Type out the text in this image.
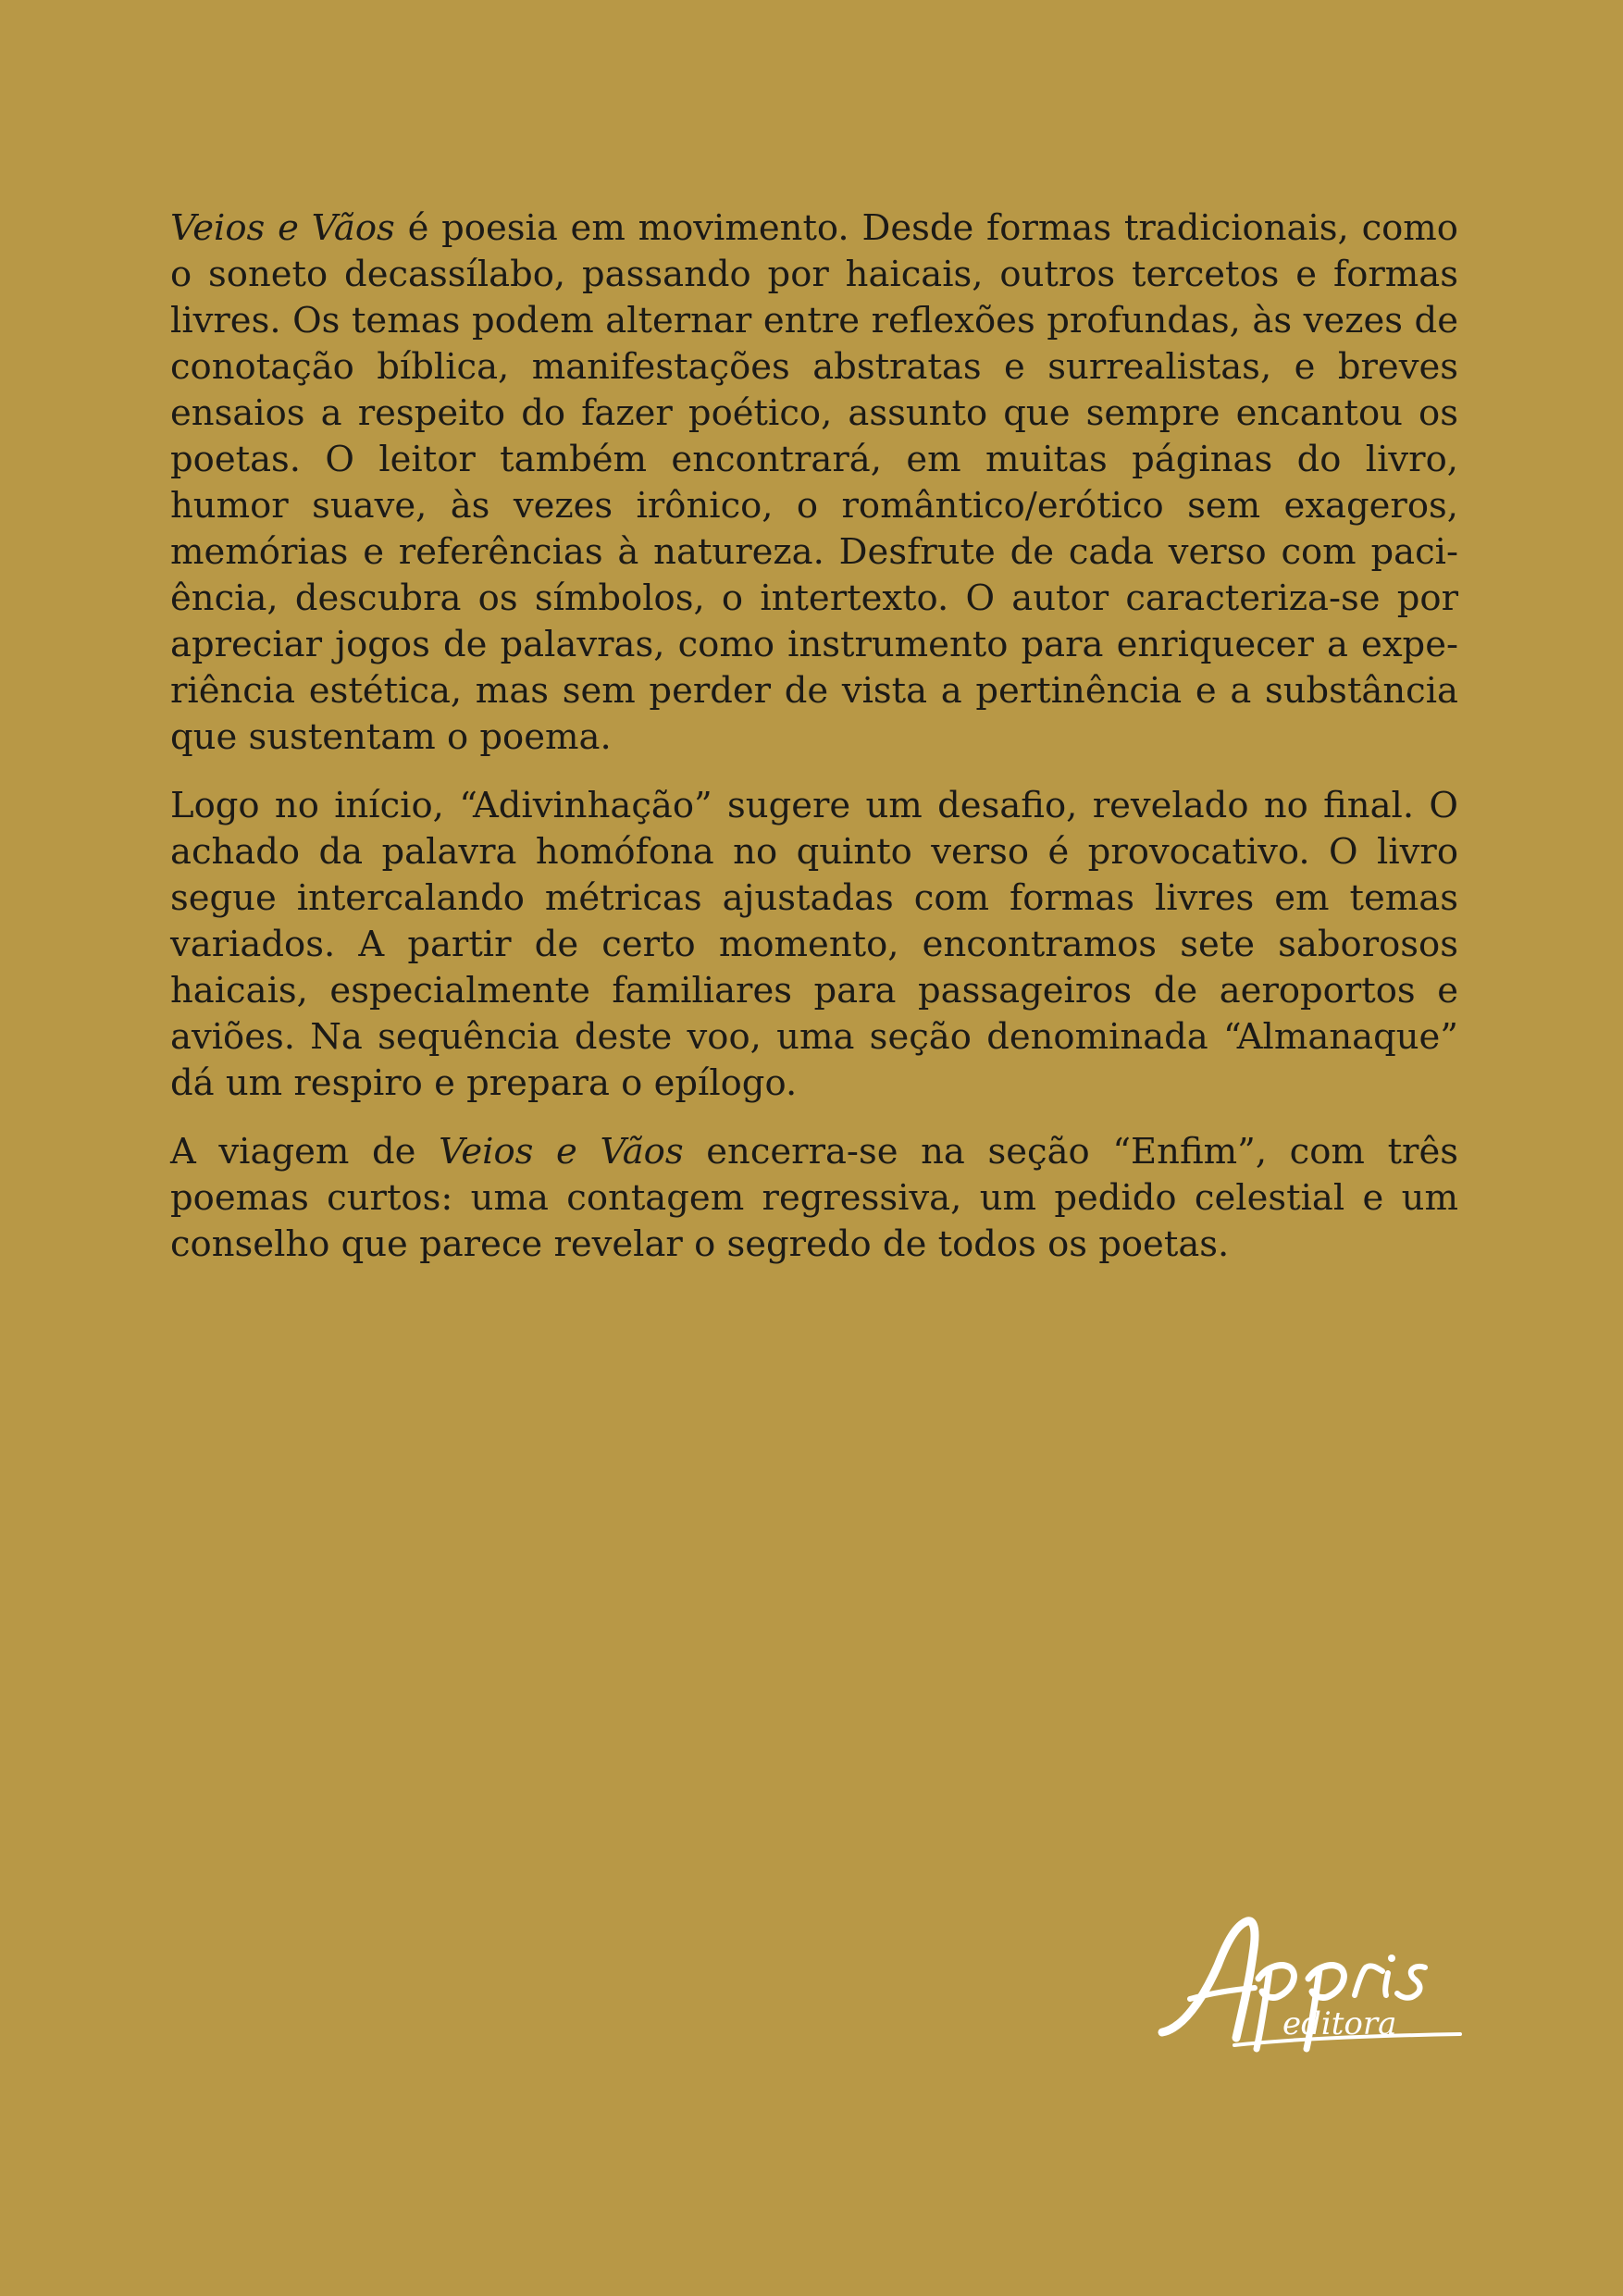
Veios e Vãos é poesia em movimento. Desde formas tradicionais, como o soneto decassílabo, passando por haicais, outros tercetos e formas livres. Os temas podem alternar entre reflexões profundas, às vezes de conotação bíblica, manifestações abstratas e surrealistas, e breves ensaios a respeito do fazer poético, assunto que sempre encantou os poetas. O leitor também encontrará, em muitas páginas do livro, humor suave, às vezes irônico, o romântico/erótico sem exageros, memórias e referências à natureza. Desfrute de cada verso com paciência, descubra os símbolos, o intertexto. O autor caracteriza-se por apreciar jogos de palavras, como instrumento para enriquecer a experiência estética, mas sem perder de vista a pertinência e a substância que sustentam o poema.

Logo no início, “Adivinhação” sugere um desafio, revelado no final. O achado da palavra homófona no quinto verso é provocativo. O livro segue intercalando métricas ajustadas com formas livres em temas variados. A partir de certo momento, encontramos sete saborosos haicais, especialmente familiares para passageiros de aeroportos e aviões. Na sequência deste voo, uma seção denominada “Almanaque” dá um respiro e prepara o epílogo.

A viagem de Veios e Vãos encerra-se na seção “Enfim”, com três poemas curtos: uma contagem regressiva, um pedido celestial e um conselho que parece revelar o segredo de todos os poetas.

editora
